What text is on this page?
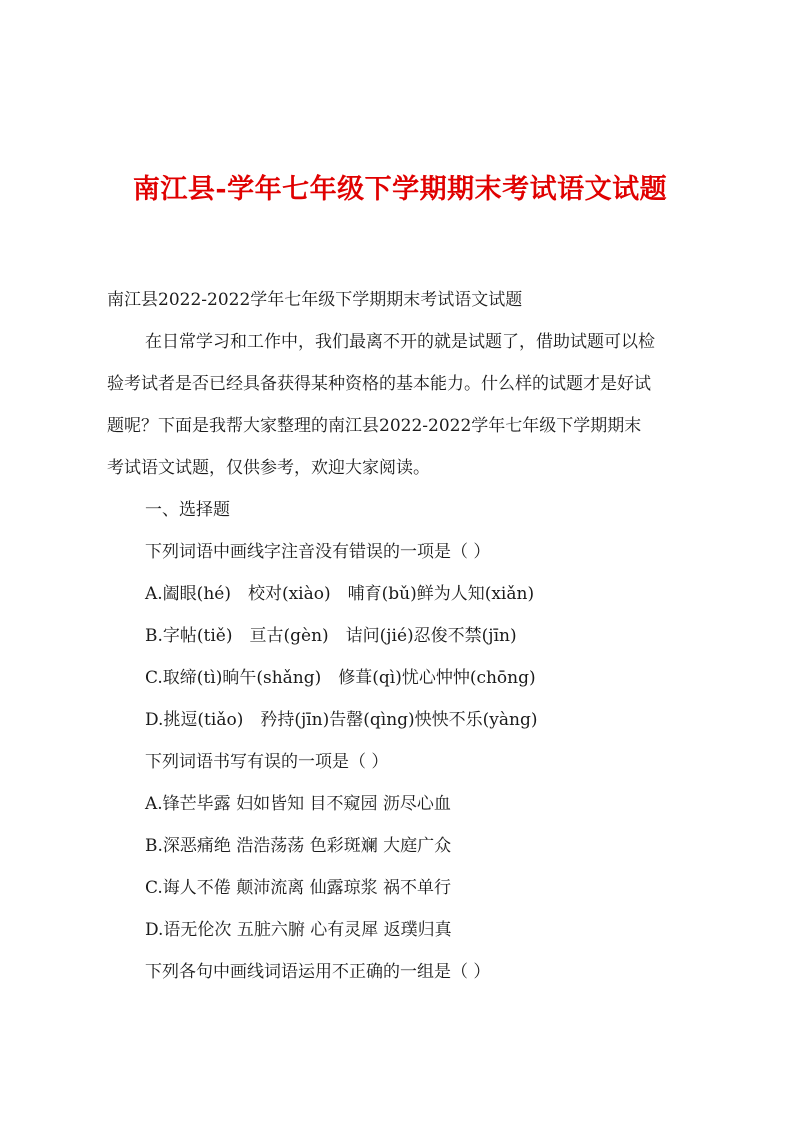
南江县-学年七年级下学期期末考试语文试题
南江县2022-2022学年七年级下学期期末考试语文试题
在日常学习和工作中，我们最离不开的就是试题了，借助试题可以检
验考试者是否已经具备获得某种资格的基本能力。什么样的试题才是好试
题呢？下面是我帮大家整理的南江县2022-2022学年七年级下学期期末
考试语文试题，仅供参考，欢迎大家阅读。
一、选择题
下列词语中画线字注音没有错误的一项是（ ）
A.阖眼(hé)　校对(xiào)　哺育(bǔ)鲜为人知(xiǎn)
B.字帖(tiě)　亘古(gèn)　诘问(jié)忍俊不禁(jīn)
C.取缔(tì)晌午(shǎng)　修葺(qì)忧心忡忡(chōng)
D.挑逗(tiǎo)　矜持(jīn)告罄(qìng)怏怏不乐(yàng)
下列词语书写有误的一项是（ ）
A.锋芒毕露 妇如皆知 目不窥园 沥尽心血
B.深恶痛绝 浩浩荡荡 色彩斑斓 大庭广众
C.诲人不倦 颠沛流离 仙露琼浆 祸不单行
D.语无伦次 五脏六腑 心有灵犀 返璞归真
下列各句中画线词语运用不正确的一组是（ ）
